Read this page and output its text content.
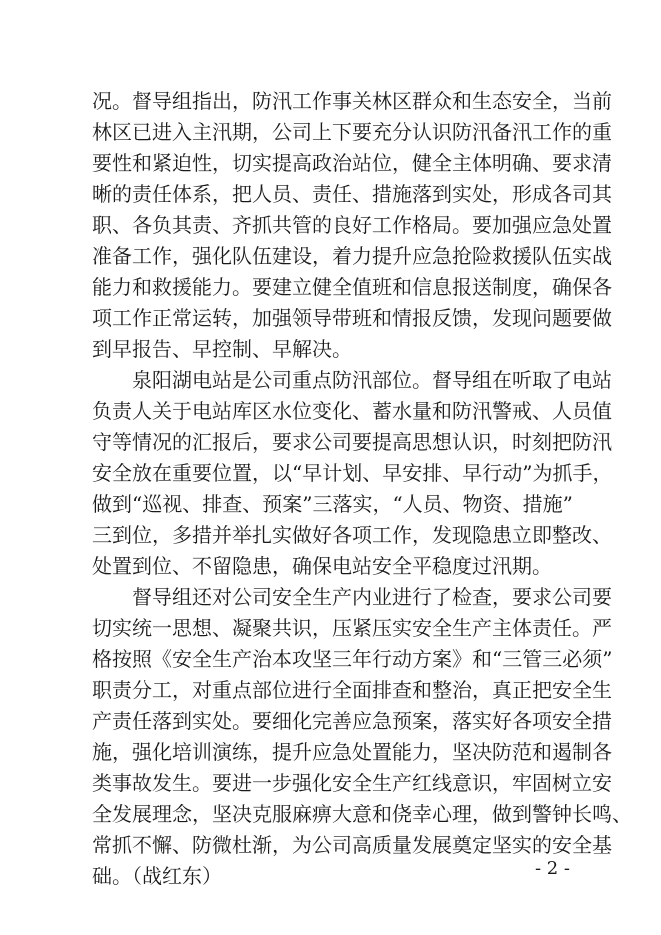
况。督导组指出，防汛工作事关林区群众和生态安全，当前
林区已进入主汛期，公司上下要充分认识防汛备汛工作的重
要性和紧迫性，切实提高政治站位，健全主体明确、要求清
晰的责任体系，把人员、责任、措施落到实处，形成各司其
职、各负其责、齐抓共管的良好工作格局。要加强应急处置
准备工作，强化队伍建设，着力提升应急抢险救援队伍实战
能力和救援能力。要建立健全值班和信息报送制度，确保各
项工作正常运转，加强领导带班和情报反馈，发现问题要做
到早报告、早控制、早解决。
泉阳湖电站是公司重点防汛部位。督导组在听取了电站
负责人关于电站库区水位变化、蓄水量和防汛警戒、人员值
守等情况的汇报后，要求公司要提高思想认识，时刻把防汛
安全放在重要位置，以“早计划、早安排、早行动”为抓手，
做到“巡视、排查、预案”三落实，“人员、物资、措施”
三到位，多措并举扎实做好各项工作，发现隐患立即整改、
处置到位、不留隐患，确保电站安全平稳度过汛期。
督导组还对公司安全生产内业进行了检查，要求公司要
切实统一思想、凝聚共识，压紧压实安全生产主体责任。严
格按照《安全生产治本攻坚三年行动方案》和“三管三必须”
职责分工，对重点部位进行全面排查和整治，真正把安全生
产责任落到实处。要细化完善应急预案，落实好各项安全措
施，强化培训演练，提升应急处置能力，坚决防范和遏制各
类事故发生。要进一步强化安全生产红线意识，牢固树立安
全发展理念，坚决克服麻痹大意和侥幸心理，做到警钟长鸣、
常抓不懈、防微杜渐，为公司高质量发展奠定坚实的安全基
础。（战红东）	- 2 -
